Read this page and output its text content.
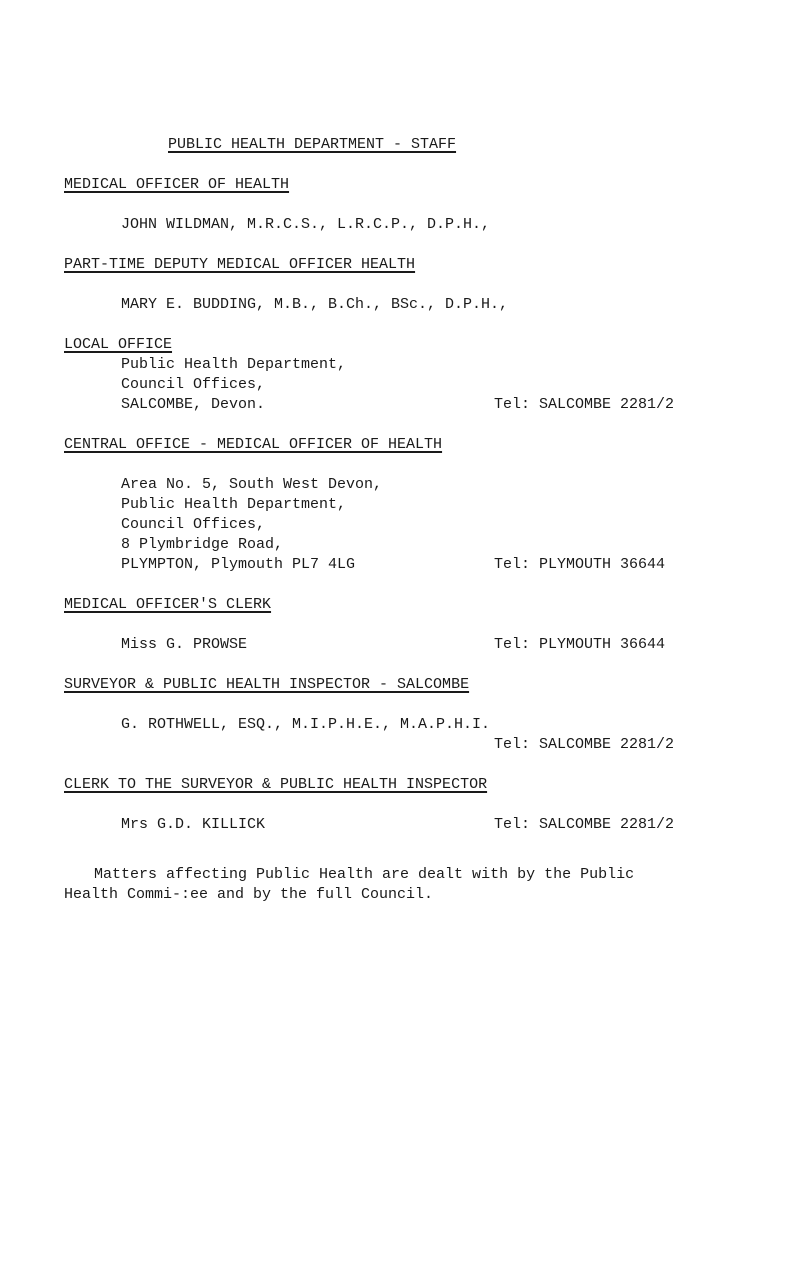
PUBLIC HEALTH DEPARTMENT - STAFF
MEDICAL OFFICER OF HEALTH
JOHN WILDMAN, M.R.C.S., L.R.C.P., D.P.H.,
PART-TIME DEPUTY MEDICAL OFFICER HEALTH
MARY E. BUDDING, M.B., B.Ch., BSc., D.P.H.,
LOCAL OFFICE
Public Health Department,
Council Offices,
SALCOMBE, Devon.	Tel: SALCOMBE 2281/2
CENTRAL OFFICE - MEDICAL OFFICER OF HEALTH
Area No. 5, South West Devon,
Public Health Department,
Council Offices,
8 Plymbridge Road,
PLYMPTON, Plymouth PL7 4LG	Tel: PLYMOUTH 36644
MEDICAL OFFICER'S CLERK
Miss G. PROWSE	Tel: PLYMOUTH 36644
SURVEYOR & PUBLIC HEALTH INSPECTOR - SALCOMBE
G. ROTHWELL, ESQ., M.I.P.H.E., M.A.P.H.I.
Tel: SALCOMBE 2281/2
CLERK TO THE SURVEYOR & PUBLIC HEALTH INSPECTOR
Mrs G.D. KILLICK	Tel: SALCOMBE 2281/2
Matters affecting Public Health are dealt with by the Public
Health Commi-:ee and by the full Council.
